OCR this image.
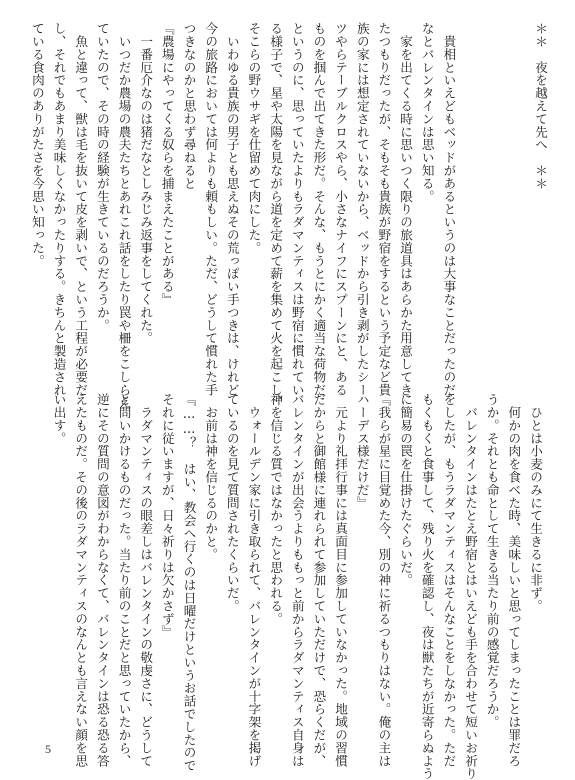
＊＊　夜を越えて先へ　＊＊

　貴相といえどもベッドがあるというのは大事なことだったのだ
なとバレンタインは思い知る。
　家を出てくる時に思いつく限りの旅道具はあらかた用意してき
たつもりだったが、そもそも貴族が野宿をするという予定など貴
族の家には想定されていないから、ベッドから引き剥がしたシー
ツやらテーブルクロスやら、小さなナイフにスプーンにと、ある
ものを掴んで出てきた形だ。そんな、もうとにかく適当な荷物だ
というのに、思っていたよりもラダマンティスは野宿に慣れてい
る様子で、星や太陽を見ながら道を定めて薪を集めて火を起こし、
そこらの野ウサギを仕留めて肉にした。
　いわゆる貴族の男子とも思えぬその荒っぽい手つきは、けれど
今の旅路においては何よりも頼もしい。ただ、どうして慣れた手
つきなのかと思わず尋ねると
『農場にやってくる奴らを捕まえたことがある』
　一番厄介なのは猪だなとしみじみ返事をしてくれた。
　いつだか農場の農夫たちとあれこれ話をしたり罠や柵をこしらえ
ていたので、その時の経験が生きているのだろうか。
　魚と違って、獣は毛を抜いて皮を剥いで、という工程が必要だ
し、それでもあまり美味しくなかったりする。きちんと製造され
ている食肉のありがたさを今思い知った。
　ひとは小麦のみにて生きるに非ず。
　何かの肉を食べた時、美味しいと思ってしまったことは罪だろ
うか。それとも命として生きる当たり前の感覚だろうか。
　バレンタインはたとえ野宿とはいえども手を合わせて短いお祈り
をしたが、もうラダマンティスはそんなことをしなかった。ただ
もくもくと食事して、残り火を確認し、夜は獣たちが近寄らぬよう
に簡易の罠を仕掛けたぐらいだ。
『我らが星に目覚めた今、別の神に祈るつもりはない。俺の主は
ハーデス様だけだ』
　元より礼拝行事には真面目に参加していなかった。地域の習慣
だからと御館様に連れられて参加していただけで、恐らくだが、
バレンタインが出会うよりももっと前からラダマンティス自身は
神を信じる質ではなかったと思われる。
　ウォールデン家に引き取られて、バレンタインが十字架を掲げ
ているのを見て質問されたくらいだ。
　お前は神を信じるのかと。
『……？　はい、教会へ行くのは日曜だけというお話でしたので
それに従いますが、日々祈りは欠かさず』
　ラダマンティスの眼差しはバレンタインの敬虔さに、どうして
と問いかけるものだった。当たり前のことだと思っていたから、
逆にその質問の意図がわからなくて、バレンタインは恐る恐る答
えたものだ。その後のラダマンティスのなんとも言えない顔を思
い出す。
5
